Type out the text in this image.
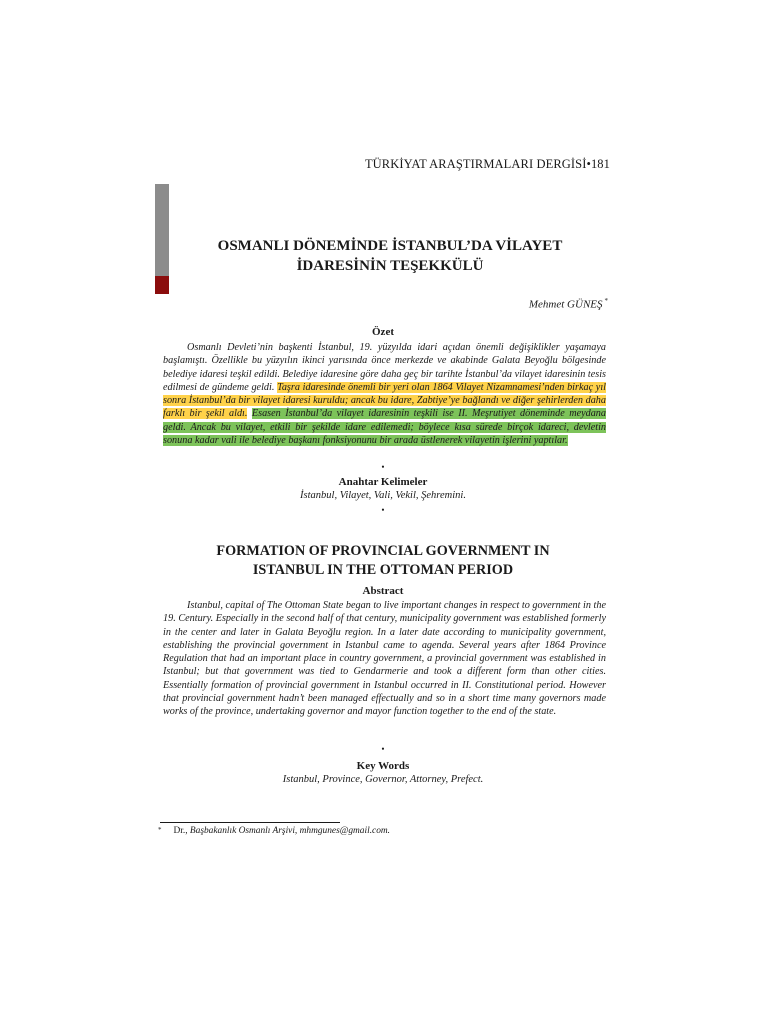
TÜRKİYAT ARAŞTIRMALARI DERGİSİ•181
OSMANLI DÖNEMİNDE İSTANBUL’DA VİLAYET
İDARESİNİN TEŞEKKÜLÜ
Mehmet GÜNEŞ *
Özet
Osmanlı Devleti’nin başkenti İstanbul, 19. yüzyılda idari açıdan önemli değişiklikler yaşamaya başlamıştı. Özellikle bu yüzyılın ikinci yarısında önce merkezde ve akabinde Galata Beyoğlu bölgesinde belediye idaresi teşkil edildi. Belediye idaresine göre daha geç bir tarihte İstanbul’da vilayet idaresinin tesis edilmesi de gündeme geldi. Taşra idaresinde önemli bir yeri olan 1864 Vilayet Nizamnamesi’nden birkaç yıl sonra İstanbul’da bir vilayet idaresi kuruldu; ancak bu idare, Zabtiye’ye bağlandı ve diğer şehirlerden daha farklı bir şekil aldı. Esasen İstanbul’da vilayet idaresinin teşkili ise II. Meşrutiyet döneminde meydana geldi. Ancak bu vilayet, etkili bir şekilde idare edilemedi; böylece kısa sürede birçok idareci, devletin sonuna kadar vali ile belediye başkanı fonksiyonunu bir arada üstlenerek vilayetin işlerini yaptılar.
•
Anahtar Kelimeler
İstanbul, Vilayet, Vali, Vekil, Şehremini.
•
FORMATION OF PROVINCIAL GOVERNMENT IN
ISTANBUL IN THE OTTOMAN PERIOD
Abstract
Istanbul, capital of The Ottoman State began to live important changes in respect to government in the 19. Century. Especially in the second half of that century, municipality government was established formerly in the center and later in Galata Beyoğlu region. In a later date according to municipality government, establishing the provincial government in Istanbul came to agenda. Several years after 1864 Province Regulation that had an important place in country government, a provincial government was established in Istanbul; but that government was tied to Gendarmerie and took a different form than other cities. Essentially formation of provincial government in Istanbul occurred in II. Constitutional period. However that provincial government hadn’t been managed effectually and so in a short time many governors made works of the province, undertaking governor and mayor function together to the end of the state.
•
Key Words
Istanbul, Province, Governor, Attorney, Prefect.
* Dr., Başbakanlık Osmanlı Arşivi, mhmgunes@gmail.com.
